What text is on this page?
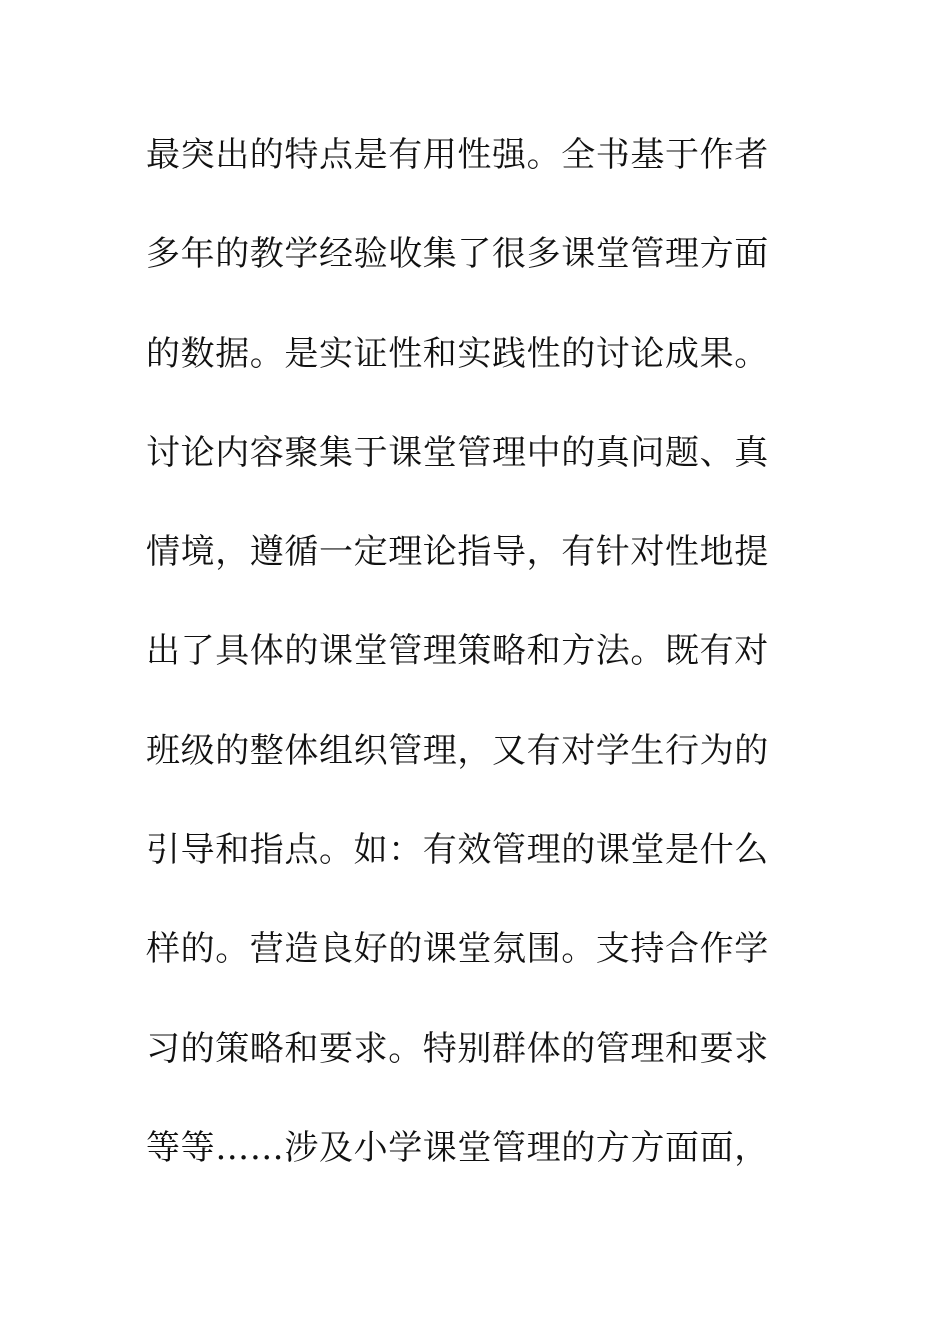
最突出的特点是有用性强。全书基于作者
多年的教学经验收集了很多课堂管理方面
的数据。是实证性和实践性的讨论成果。
讨论内容聚集于课堂管理中的真问题、真
情境，遵循一定理论指导，有针对性地提
出了具体的课堂管理策略和方法。既有对
班级的整体组织管理，又有对学生行为的
引导和指点。如：有效管理的课堂是什么
样的。营造良好的课堂氛围。支持合作学
习的策略和要求。特别群体的管理和要求
等等……涉及小学课堂管理的方方面面，
